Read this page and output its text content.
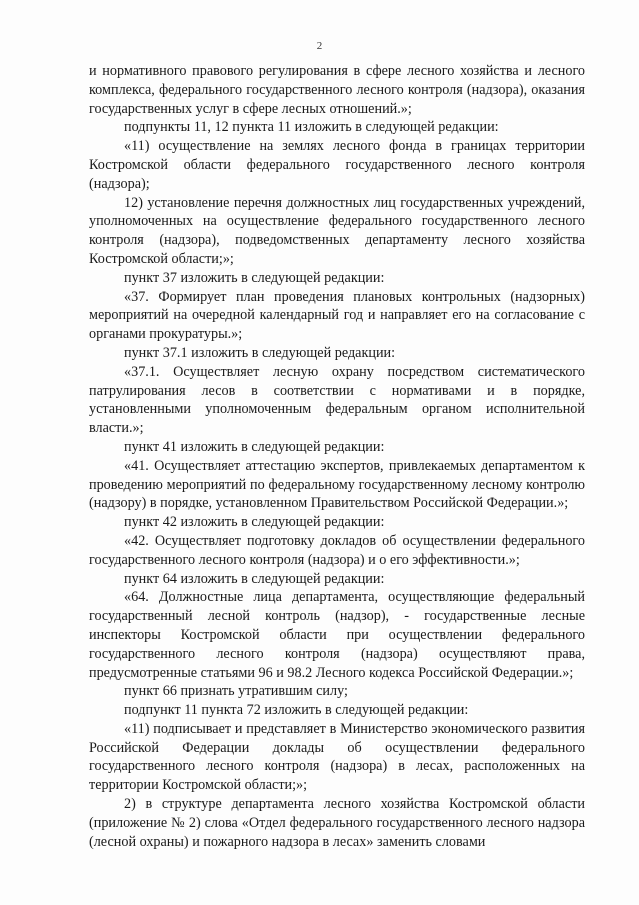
2

и нормативного правового регулирования в сфере лесного хозяйства и лесного комплекса, федерального государственного лесного контроля (надзора), оказания государственных услуг в сфере лесных отношений.»;

подпункты 11, 12 пункта 11 изложить в следующей редакции:

«11) осуществление на землях лесного фонда в границах территории Костромской области федерального государственного лесного контроля (надзора);

12) установление перечня должностных лиц государственных учреждений, уполномоченных на осуществление федерального государственного лесного контроля (надзора), подведомственных департаменту лесного хозяйства Костромской области;»;

пункт 37 изложить в следующей редакции:

«37. Формирует план проведения плановых контрольных (надзорных) мероприятий на очередной календарный год и направляет его на согласование с органами прокуратуры.»;

пункт 37.1 изложить в следующей редакции:

«37.1. Осуществляет лесную охрану посредством систематического патрулирования лесов в соответствии с нормативами и в порядке, установленными уполномоченным федеральным органом исполнительной власти.»;

пункт 41 изложить в следующей редакции:

«41. Осуществляет аттестацию экспертов, привлекаемых департаментом к проведению мероприятий по федеральному государственному лесному контролю (надзору) в порядке, установленном Правительством Российской Федерации.»;

пункт 42 изложить в следующей редакции:

«42. Осуществляет подготовку докладов об осуществлении федерального государственного лесного контроля (надзора) и о его эффективности.»;

пункт 64 изложить в следующей редакции:

«64. Должностные лица департамента, осуществляющие федеральный государственный лесной контроль (надзор), - государственные лесные инспекторы Костромской области при осуществлении федерального государственного лесного контроля (надзора) осуществляют права, предусмотренные статьями 96 и 98.2 Лесного кодекса Российской Федерации.»;

пункт 66 признать утратившим силу;

подпункт 11 пункта 72 изложить в следующей редакции:

«11) подписывает и представляет в Министерство экономического развития Российской Федерации доклады об осуществлении федерального государственного лесного контроля (надзора) в лесах, расположенных на территории Костромской области;»;

2) в структуре департамента лесного хозяйства Костромской области (приложение № 2) слова «Отдел федерального государственного лесного надзора (лесной охраны) и пожарного надзора в лесах» заменить словами
